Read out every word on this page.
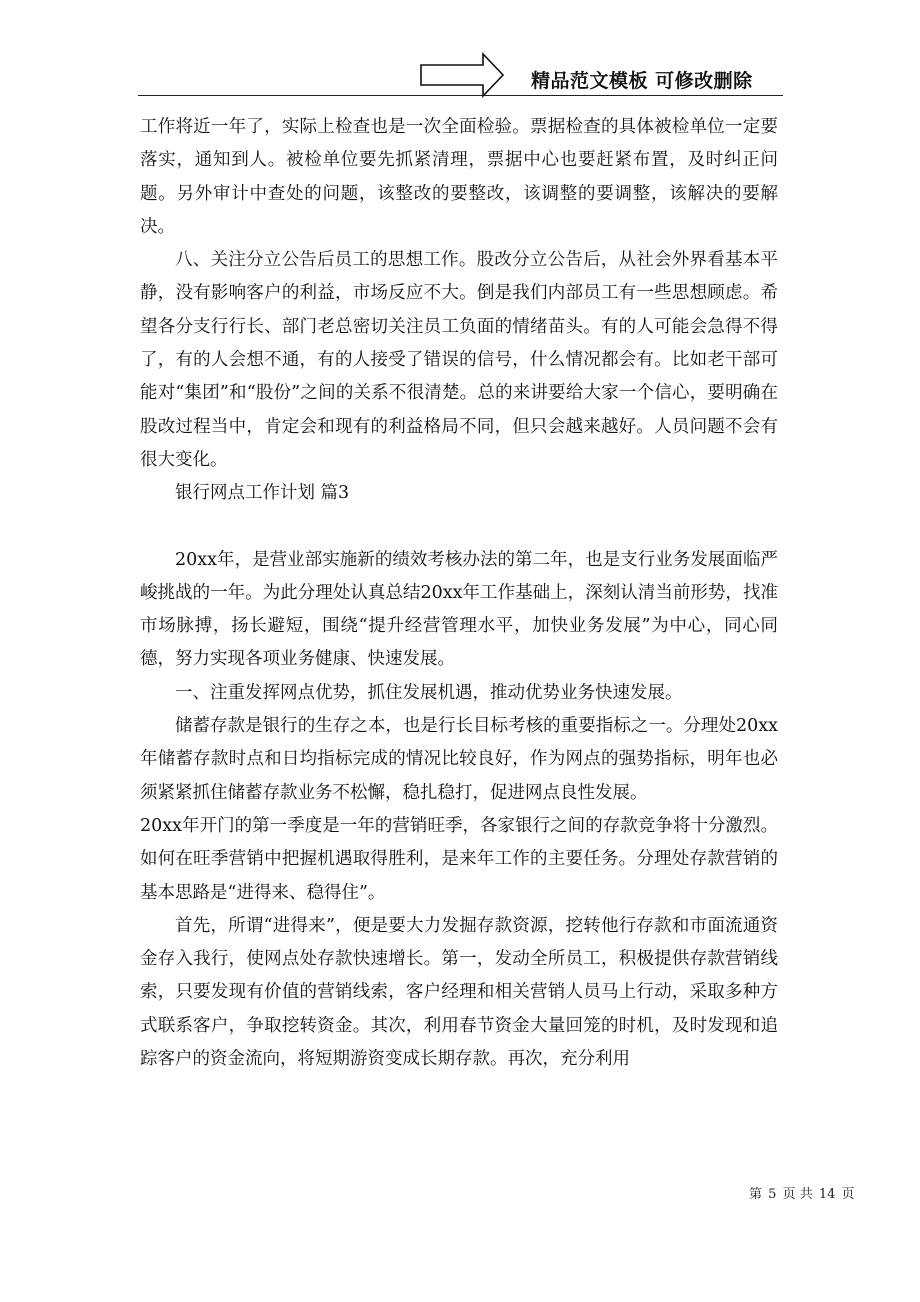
精品范文模板 可修改删除

工作将近一年了，实际上检查也是一次全面检验。票据检查的具体被检单位一定要落实，通知到人。被检单位要先抓紧清理，票据中心也要赶紧布置，及时纠正问题。另外审计中查处的问题，该整改的要整改，该调整的要调整，该解决的要解决。

八、关注分立公告后员工的思想工作。股改分立公告后，从社会外界看基本平静，没有影响客户的利益，市场反应不大。倒是我们内部员工有一些思想顾虑。希望各分支行行长、部门老总密切关注员工负面的情绪苗头。有的人可能会急得不得了，有的人会想不通，有的人接受了错误的信号，什么情况都会有。比如老干部可能对“集团”和“股份”之间的关系不很清楚。总的来讲要给大家一个信心，要明确在股改过程当中，肯定会和现有的利益格局不同，但只会越来越好。人员问题不会有很大变化。

银行网点工作计划 篇3

20xx年，是营业部实施新的绩效考核办法的第二年，也是支行业务发展面临严峻挑战的一年。为此分理处认真总结20xx年工作基础上，深刻认清当前形势，找准市场脉搏，扬长避短，围绕“提升经营管理水平，加快业务发展”为中心，同心同德，努力实现各项业务健康、快速发展。

一、注重发挥网点优势，抓住发展机遇，推动优势业务快速发展。

储蓄存款是银行的生存之本，也是行长目标考核的重要指标之一。分理处20xx年储蓄存款时点和日均指标完成的情况比较良好，作为网点的强势指标，明年也必须紧紧抓住储蓄存款业务不松懈，稳扎稳打，促进网点良性发展。

20xx年开门的第一季度是一年的营销旺季，各家银行之间的存款竞争将十分激烈。如何在旺季营销中把握机遇取得胜利，是来年工作的主要任务。分理处存款营销的基本思路是“进得来、稳得住”。

首先，所谓“进得来”，便是要大力发掘存款资源，挖转他行存款和市面流通资金存入我行，使网点处存款快速增长。第一，发动全所员工，积极提供存款营销线索，只要发现有价值的营销线索，客户经理和相关营销人员马上行动，采取多种方式联系客户，争取挖转资金。其次，利用春节资金大量回笼的时机，及时发现和追踪客户的资金流向，将短期游资变成长期存款。再次，充分利用

第 5 页 共 14 页
